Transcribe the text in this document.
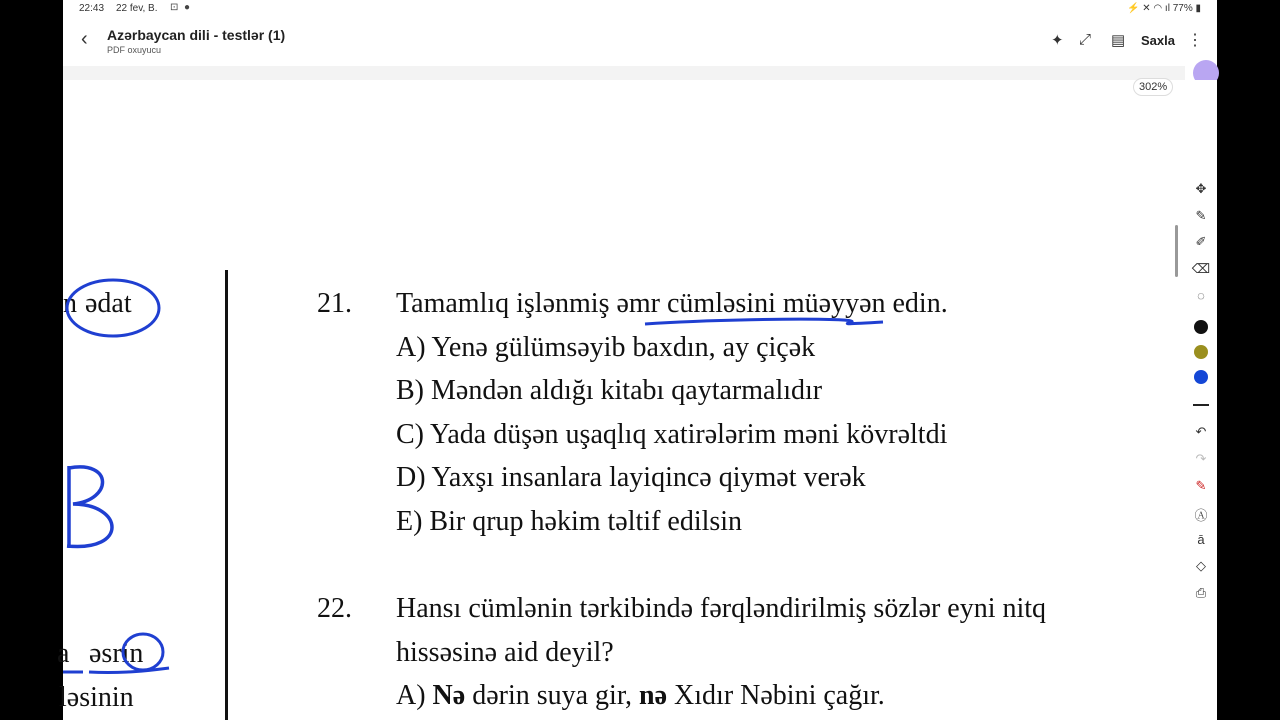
22:43 22 fev, B. ⊡ ●	⚡ ✕ ◠ ıl 77% ▮
‹ Azərbaycan dili - testlər (1)
PDF oxuyucu
✦ ⤢ ▤ Saxla ⋮
n ədat
a əsrin
ləsinin
21. Tamamlıq işlənmiş əmr cümləsini müəyyən edin.
A) Yenə gülümsəyib baxdın, ay çiçək
B) Məndən aldığı kitabı qaytarmalıdır
C) Yada düşən uşaqlıq xatirələrim məni kövrəltdi
D) Yaxşı insanlara layiqincə qiymət verək
E) Bir qrup həkim təltif edilsin
22. Hansı cümlənin tərkibində fərqləndirilmiş sözlər eyni nitq
hissəsinə aid deyil?
A) Nə dərin suya gir, nə Xıdır Nəbini çağır.
302%
✥
✎
✐
⌫
◌
↶
↷
✎
Ⓐ
ā
◇
⎙
